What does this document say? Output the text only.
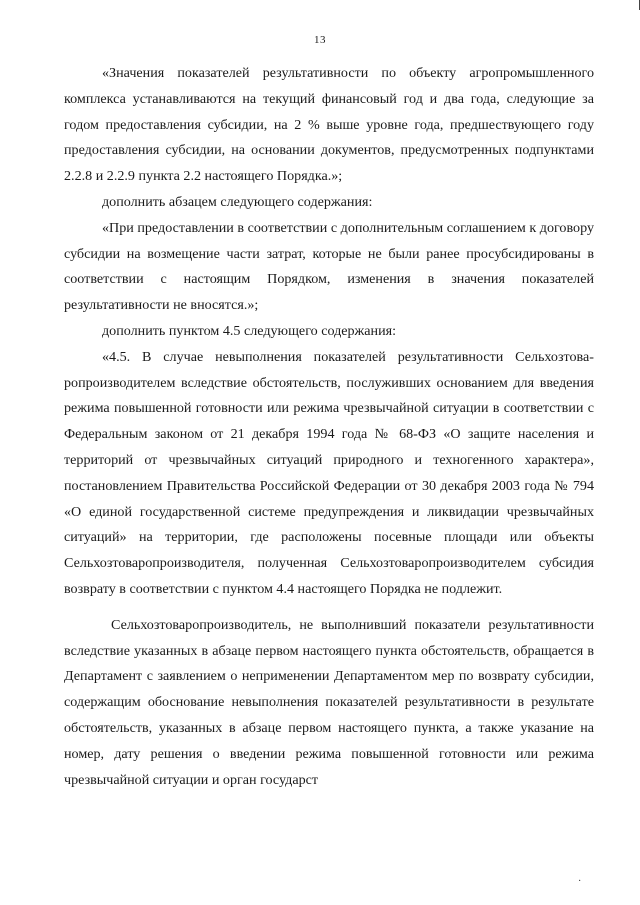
13

«Значения показателей результативности по объекту агропромышленного комплекса устанавливаются на текущий финансовый год и два года, следующие за годом предоставления субсидии, на 2 % выше уровне года, предшествующего году предоставления субсидии, на основании документов, предусмотренных подпунктами 2.2.8 и 2.2.9 пункта 2.2 настоящего Порядка.»;

дополнить абзацем следующего содержания:

«При предоставлении в соответствии с дополнительным соглашением к договору субсидии на возмещение части затрат, которые не были ранее просубсидированы в соответствии с настоящим Порядком, изменения в значения показателей результативности не вносятся.»;

дополнить пунктом 4.5 следующего содержания:

«4.5. В случае невыполнения показателей результативности Сельхозтоваропроизводителем вследствие обстоятельств, послуживших основанием для введения режима повышенной готовности или режима чрезвычайной ситуации в соответствии с Федеральным законом от 21 декабря 1994 года № 68-ФЗ «О защите населения и территорий от чрезвычайных ситуаций природного и техногенного характера», постановлением Правительства Российской Федерации от 30 декабря 2003 года № 794 «О единой государственной системе предупреждения и ликвидации чрезвычайных ситуаций» на территории, где расположены посевные площади или объекты Сельхозтоваропроизводителя, полученная Сельхозтоваропроизводителем субсидия возврату в соответствии с пунктом 4.4 настоящего Порядка не подлежит.

Сельхозтоваропроизводитель, не выполнивший показатели результативности вследствие указанных в абзаце первом настоящего пункта обстоятельств, обращается в Департамент с заявлением о неприменении Департаментом мер по возврату субсидии, содержащим обоснование невыполнения показателей результативности в результате обстоятельств, указанных в абзаце первом настоящего пункта, а также указание на номер, дату решения о введении режима повышенной готовности или режима чрезвычайной ситуации и орган государст

·
